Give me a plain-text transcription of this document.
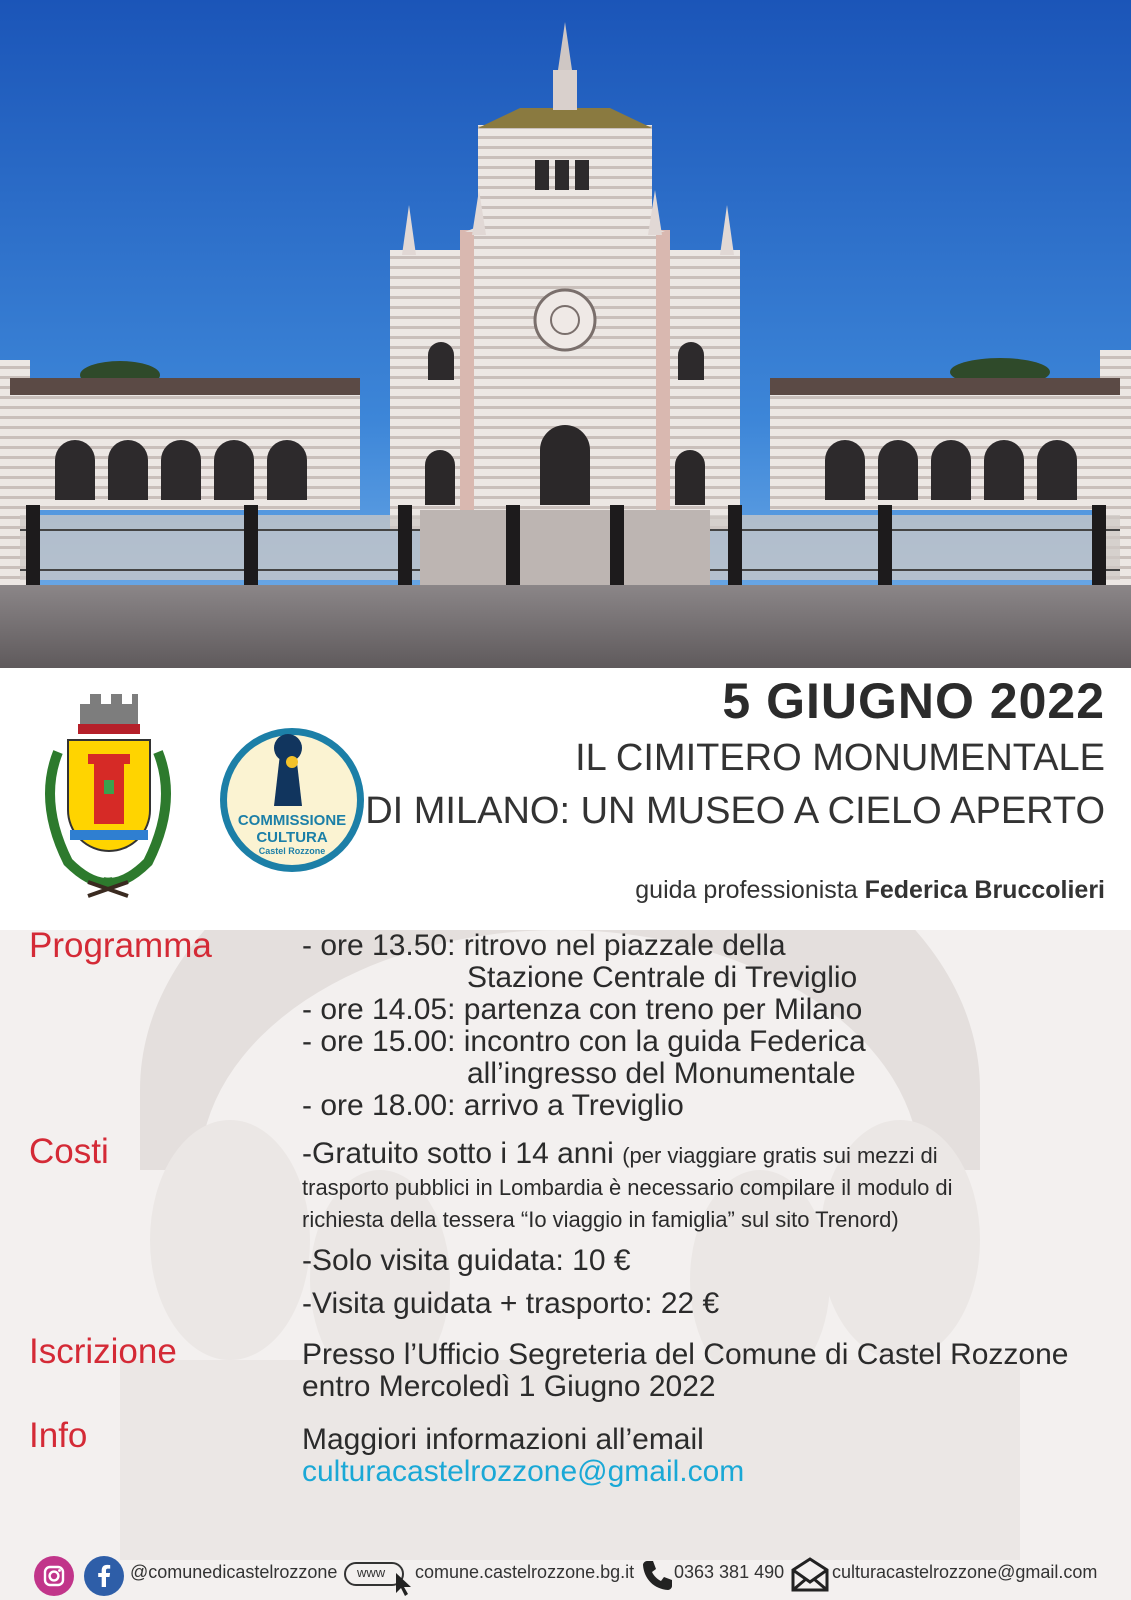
COMMISSIONE
CULTURA
Castel Rozzone
5 GIUGNO 2022
IL CIMITERO MONUMENTALE
DI MILANO: UN MUSEO A CIELO APERTO
guida professionista Federica Bruccolieri
Programma	- ore 13.50: ritrovo nel piazzale della
Stazione Centrale di Treviglio
- ore 14.05: partenza con treno per Milano
- ore 15.00: incontro con la guida Federica
all’ingresso del Monumentale
- ore 18.00: arrivo a Treviglio
Costi	-Gratuito sotto i 14 anni (per viaggiare gratis sui mezzi di
trasporto pubblici in Lombardia è necessario compilare il modulo di
richiesta della tessera “Io viaggio in famiglia” sul sito Trenord)
-Solo visita guidata: 10 €
-Visita guidata + trasporto: 22 €
Iscrizione	Presso l’Ufficio Segreteria del Comune di Castel Rozzone
entro Mercoledì 1 Giugno 2022
Info	Maggiori informazioni all’email
culturacastelrozzone@gmail.com
@comunedicastelrozzone www comune.castelrozzone.bg.it 0363 381 490	culturacastelrozzone@gmail.com
